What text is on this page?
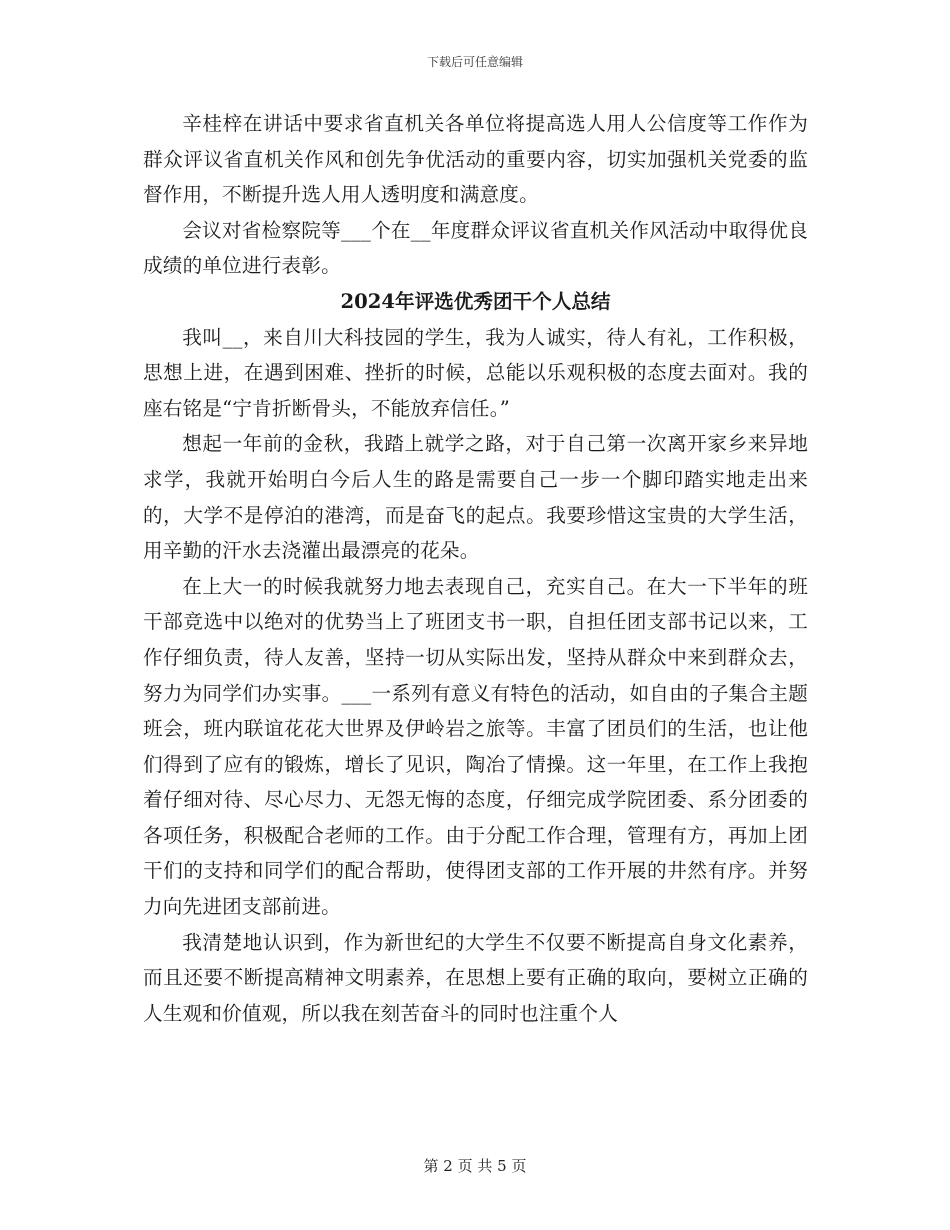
下载后可任意编辑

辛桂梓在讲话中要求省直机关各单位将提高选人用人公信度等工作作为群众评议省直机关作风和创先争优活动的重要内容，切实加强机关党委的监督作用，不断提升选人用人透明度和满意度。

会议对省检察院等___个在__年度群众评议省直机关作风活动中取得优良成绩的单位进行表彰。

2024年评选优秀团干个人总结

我叫__，来自川大科技园的学生，我为人诚实，待人有礼，工作积极，思想上进，在遇到困难、挫折的时候，总能以乐观积极的态度去面对。我的座右铭是“宁肯折断骨头，不能放弃信任。”

想起一年前的金秋，我踏上就学之路，对于自己第一次离开家乡来异地求学，我就开始明白今后人生的路是需要自己一步一个脚印踏实地走出来的，大学不是停泊的港湾，而是奋飞的起点。我要珍惜这宝贵的大学生活，用辛勤的汗水去浇灌出最漂亮的花朵。

在上大一的时候我就努力地去表现自己，充实自己。在大一下半年的班干部竞选中以绝对的优势当上了班团支书一职，自担任团支部书记以来，工作仔细负责，待人友善，坚持一切从实际出发，坚持从群众中来到群众去，努力为同学们办实事。___一系列有意义有特色的活动，如自由的子集合主题班会，班内联谊花花大世界及伊岭岩之旅等。丰富了团员们的生活，也让他们得到了应有的锻炼，增长了见识，陶冶了情操。这一年里，在工作上我抱着仔细对待、尽心尽力、无怨无悔的态度，仔细完成学院团委、系分团委的各项任务，积极配合老师的工作。由于分配工作合理，管理有方，再加上团干们的支持和同学们的配合帮助，使得团支部的工作开展的井然有序。并努力向先进团支部前进。

我清楚地认识到，作为新世纪的大学生不仅要不断提高自身文化素养，而且还要不断提高精神文明素养，在思想上要有正确的取向，要树立正确的人生观和价值观，所以我在刻苦奋斗的同时也注重个人

第 2 页 共 5 页
